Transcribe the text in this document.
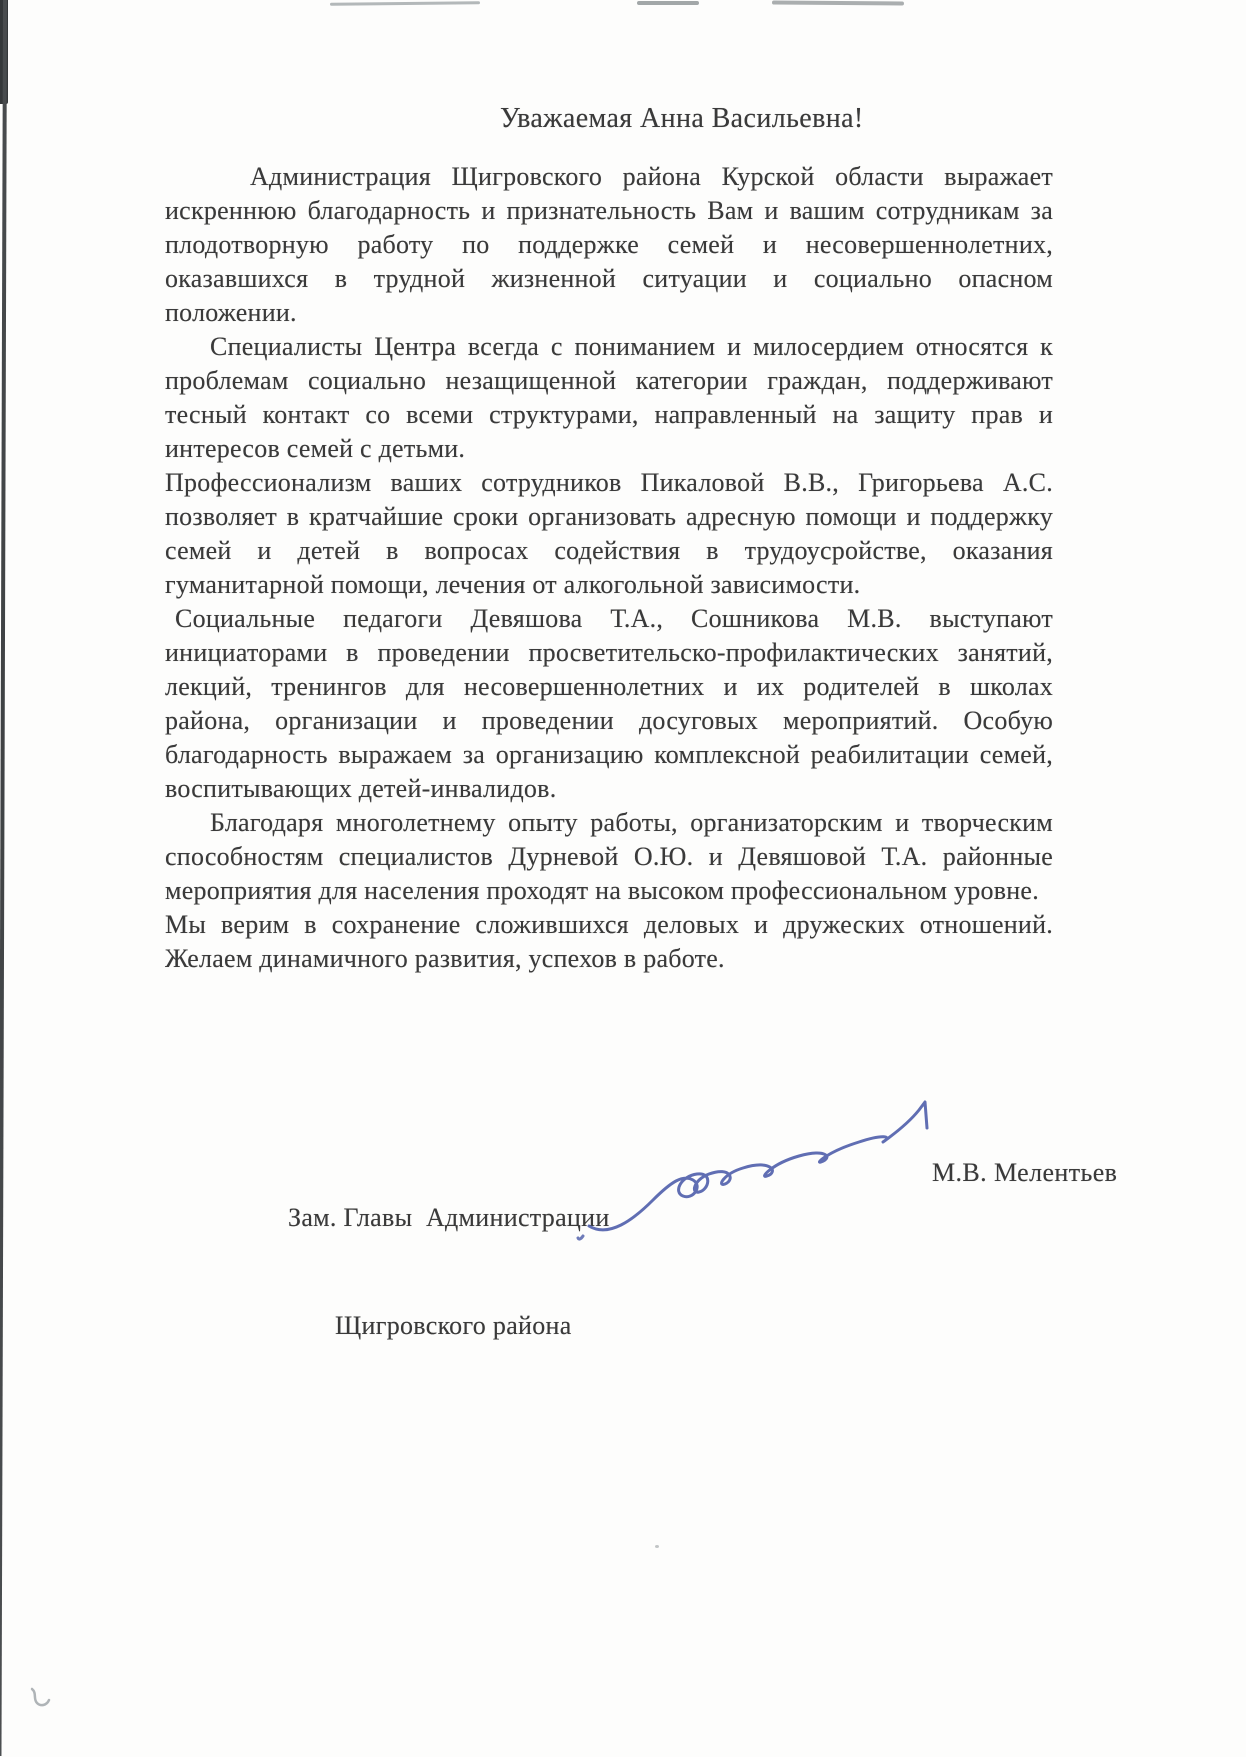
Уважаемая Анна Васильевна!
Администрация Щигровского района Курской области выражает
искреннюю благодарность и признательность Вам и вашим сотрудникам за
плодотворную работу по поддержке семей и несовершеннолетних,
оказавшихся в трудной жизненной ситуации и социально опасном
положении.
Специалисты Центра всегда с пониманием и милосердием относятся к
проблемам социально незащищенной категории граждан, поддерживают
тесный контакт со всеми структурами, направленный на защиту прав и
интересов семей с детьми.
Профессионализм ваших сотрудников Пикаловой В.В., Григорьева А.С.
позволяет в кратчайшие сроки организовать адресную помощи и поддержку
семей и детей в вопросах содействия в трудоусройстве, оказания
гуманитарной помощи, лечения от алкогольной зависимости.
Социальные педагоги Девяшова Т.А., Сошникова М.В. выступают
инициаторами в проведении просветительско-профилактических занятий,
лекций, тренингов для несовершеннолетних и их родителей в школах
района, организации и проведении досуговых мероприятий. Особую
благодарность выражаем за организацию комплексной реабилитации семей,
воспитывающих детей-инвалидов.
Благодаря многолетнему опыту работы, организаторским и творческим
способностям специалистов Дурневой О.Ю. и Девяшовой Т.А. районные
мероприятия для населения проходят на высоком профессиональном уровне.
Мы верим в сохранение сложившихся деловых и дружеских отношений.
Желаем динамичного развития, успехов в работе.

Зам. Главы  Администрации

Щигровского района

М.В. Мелентьев
